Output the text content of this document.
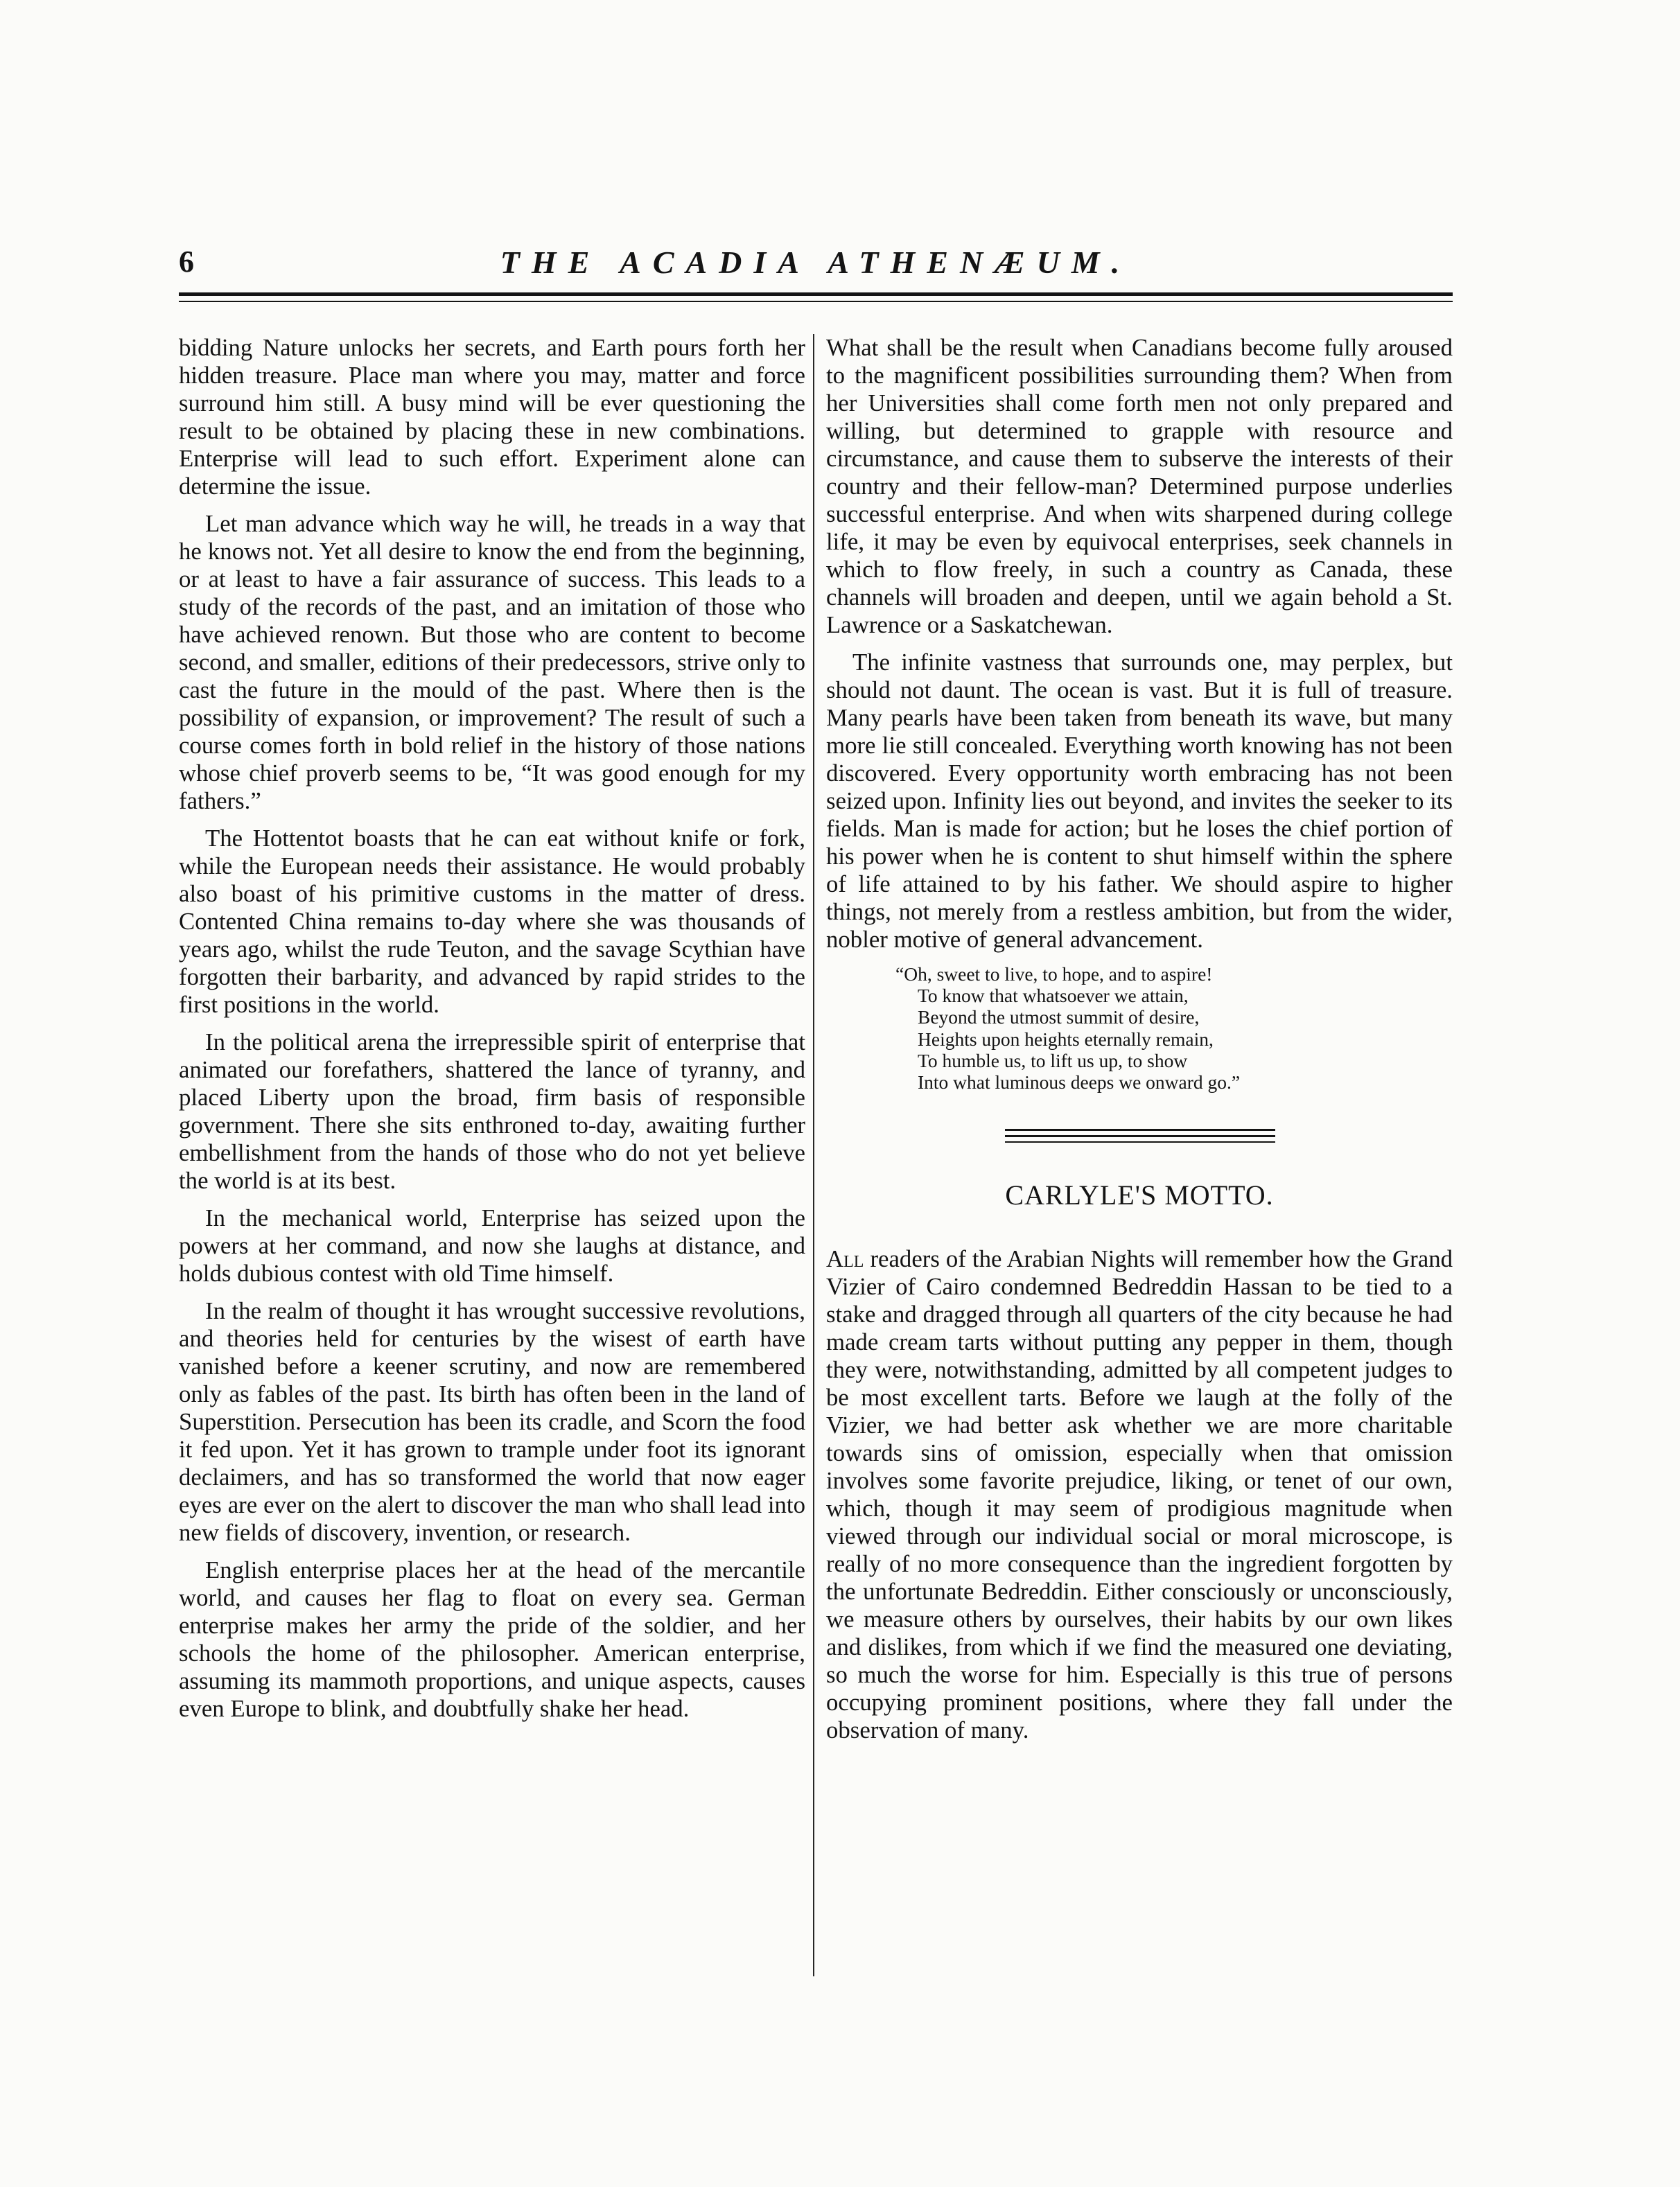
6	THE ACADIA ATHENÆUM.

bidding Nature unlocks her secrets, and Earth pours forth her hidden treasure. Place man where you may, matter and force surround him still. A busy mind will be ever questioning the result to be obtained by placing these in new combinations. Enterprise will lead to such effort. Experiment alone can determine the issue.

Let man advance which way he will, he treads in a way that he knows not. Yet all desire to know the end from the beginning, or at least to have a fair assurance of success. This leads to a study of the records of the past, and an imitation of those who have achieved renown. But those who are content to become second, and smaller, editions of their predecessors, strive only to cast the future in the mould of the past. Where then is the possibility of expansion, or improvement? The result of such a course comes forth in bold relief in the history of those nations whose chief proverb seems to be, “It was good enough for my fathers.”

The Hottentot boasts that he can eat without knife or fork, while the European needs their assistance. He would probably also boast of his primitive customs in the matter of dress. Contented China remains to-day where she was thousands of years ago, whilst the rude Teuton, and the savage Scythian have forgotten their barbarity, and advanced by rapid strides to the first positions in the world.

In the political arena the irrepressible spirit of enterprise that animated our forefathers, shattered the lance of tyranny, and placed Liberty upon the broad, firm basis of responsible government. There she sits enthroned to-day, awaiting further embellishment from the hands of those who do not yet believe the world is at its best.

In the mechanical world, Enterprise has seized upon the powers at her command, and now she laughs at distance, and holds dubious contest with old Time himself.

In the realm of thought it has wrought successive revolutions, and theories held for centuries by the wisest of earth have vanished before a keener scrutiny, and now are remembered only as fables of the past. Its birth has often been in the land of Superstition. Persecution has been its cradle, and Scorn the food it fed upon. Yet it has grown to trample under foot its ignorant declaimers, and has so transformed the world that now eager eyes are ever on the alert to discover the man who shall lead into new fields of discovery, invention, or research.

English enterprise places her at the head of the mercantile world, and causes her flag to float on every sea. German enterprise makes her army the pride of the soldier, and her schools the home of the philosopher. American enterprise, assuming its mammoth proportions, and unique aspects, causes even Europe to blink, and doubtfully shake her head.

What shall be the result when Canadians become fully aroused to the magnificent possibilities surrounding them? When from her Universities shall come forth men not only prepared and willing, but determined to grapple with resource and circumstance, and cause them to subserve the interests of their country and their fellow-man? Determined purpose underlies successful enterprise. And when wits sharpened during college life, it may be even by equivocal enterprises, seek channels in which to flow freely, in such a country as Canada, these channels will broaden and deepen, until we again behold a St. Lawrence or a Saskatchewan.

The infinite vastness that surrounds one, may perplex, but should not daunt. The ocean is vast. But it is full of treasure. Many pearls have been taken from beneath its wave, but many more lie still concealed. Everything worth knowing has not been discovered. Every opportunity worth embracing has not been seized upon. Infinity lies out beyond, and invites the seeker to its fields. Man is made for action; but he loses the chief portion of his power when he is content to shut himself within the sphere of life attained to by his father. We should aspire to higher things, not merely from a restless ambition, but from the wider, nobler motive of general advancement.

“Oh, sweet to live, to hope, and to aspire!
To know that whatsoever we attain,
Beyond the utmost summit of desire,
Heights upon heights eternally remain,
To humble us, to lift us up, to show
Into what luminous deeps we onward go.”
CARLYLE'S MOTTO.

All readers of the Arabian Nights will remember how the Grand Vizier of Cairo condemned Bedreddin Hassan to be tied to a stake and dragged through all quarters of the city because he had made cream tarts without putting any pepper in them, though they were, notwithstanding, admitted by all competent judges to be most excellent tarts. Before we laugh at the folly of the Vizier, we had better ask whether we are more charitable towards sins of omission, especially when that omission involves some favorite prejudice, liking, or tenet of our own, which, though it may seem of prodigious magnitude when viewed through our individual social or moral microscope, is really of no more consequence than the ingredient forgotten by the unfortunate Bedreddin. Either consciously or unconsciously, we measure others by ourselves, their habits by our own likes and dislikes, from which if we find the measured one deviating, so much the worse for him. Especially is this true of persons occupying prominent positions, where they fall under the observation of many.
